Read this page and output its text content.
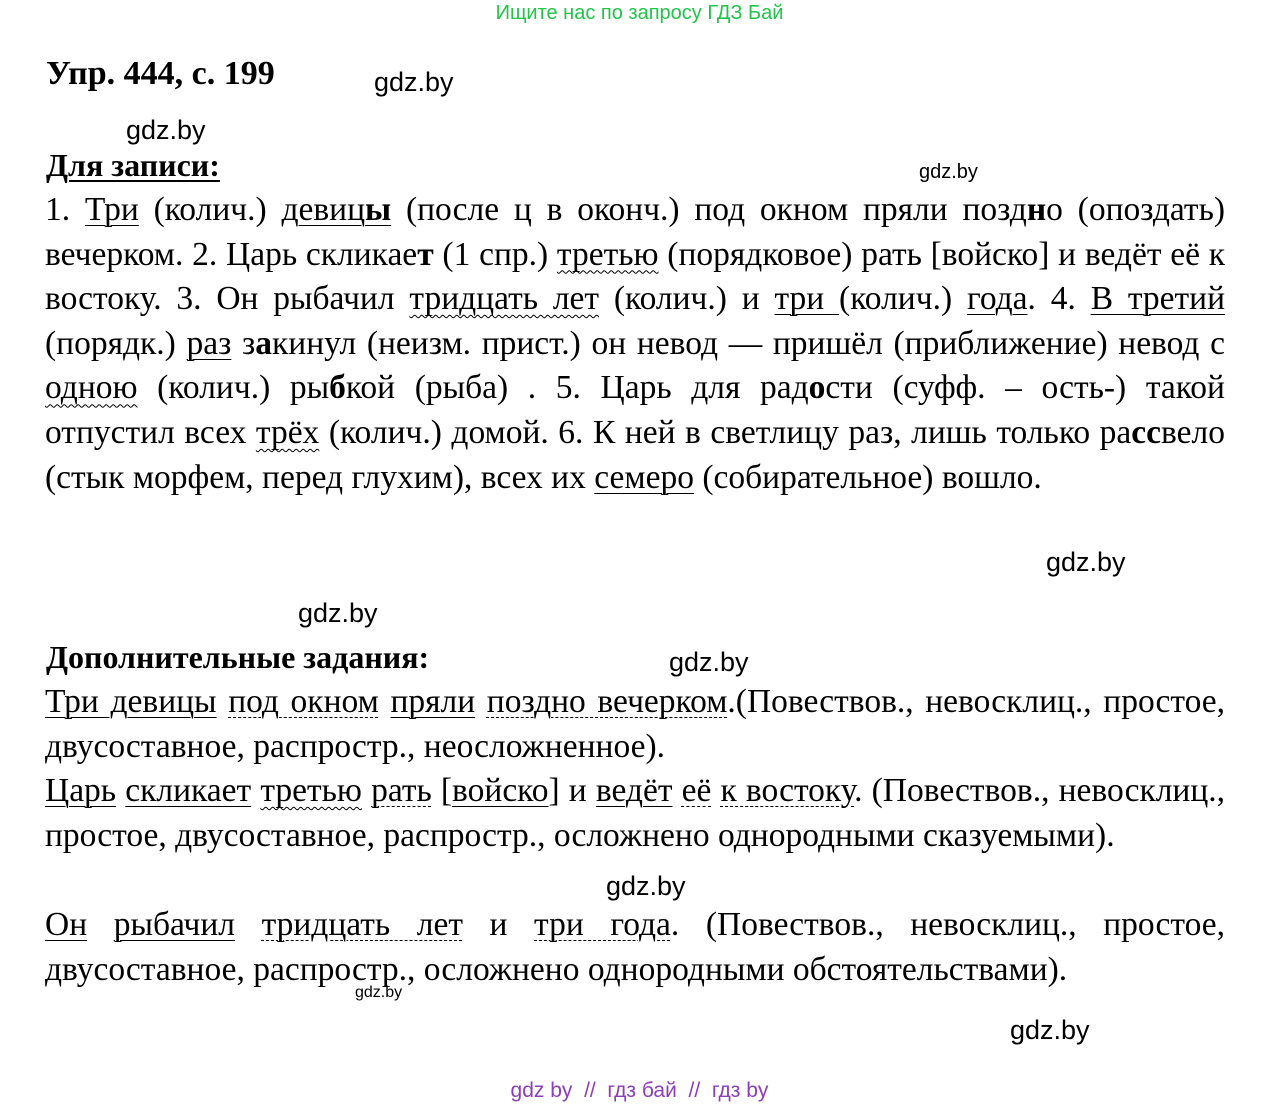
Ищите нас по запросу ГДЗ Бай
Упр. 444, с. 199	gdz.by
gdz.by
gdz.by
gdz.by
gdz.by
gdz.by
gdz.by
gdz.by
gdz.by
Для записи:
1. Три (колич.) девицы (после ц в оконч.) под окном пряли поздно (опоздать) вечерком. 2. Царь скликает (1 спр.) третью (порядковое) рать [войско] и ведёт её к востоку. 3. Он рыбачил тридцать лет (колич.) и три (колич.) года. 4. В третий (порядк.) раз закинул (неизм. прист.) он невод — пришёл (приближение) невод с одною (колич.) рыбкой (рыба) . 5. Царь для радости (суфф. – ость-) такой отпустил всех трёх (колич.) домой. 6. К ней в светлицу раз, лишь только рассвело (стык морфем, перед глухим), всех их семеро (собирательное) вошло.
Дополнительные задания:
Три девицы под окном пряли поздно вечерком.(Повествов., невосклиц., простое, двусоставное, распростр., неосложненное).
Царь скликает третью рать [войско] и ведёт её к востоку. (Повествов., невосклиц., простое, двусоставное, распростр., осложнено однородными сказуемыми).
Он рыбачил тридцать лет и три года. (Повествов., невосклиц., простое, двусоставное, распростр., осложнено однородными обстоятельствами).
gdz by  //  гдз бай  //  гдз by
